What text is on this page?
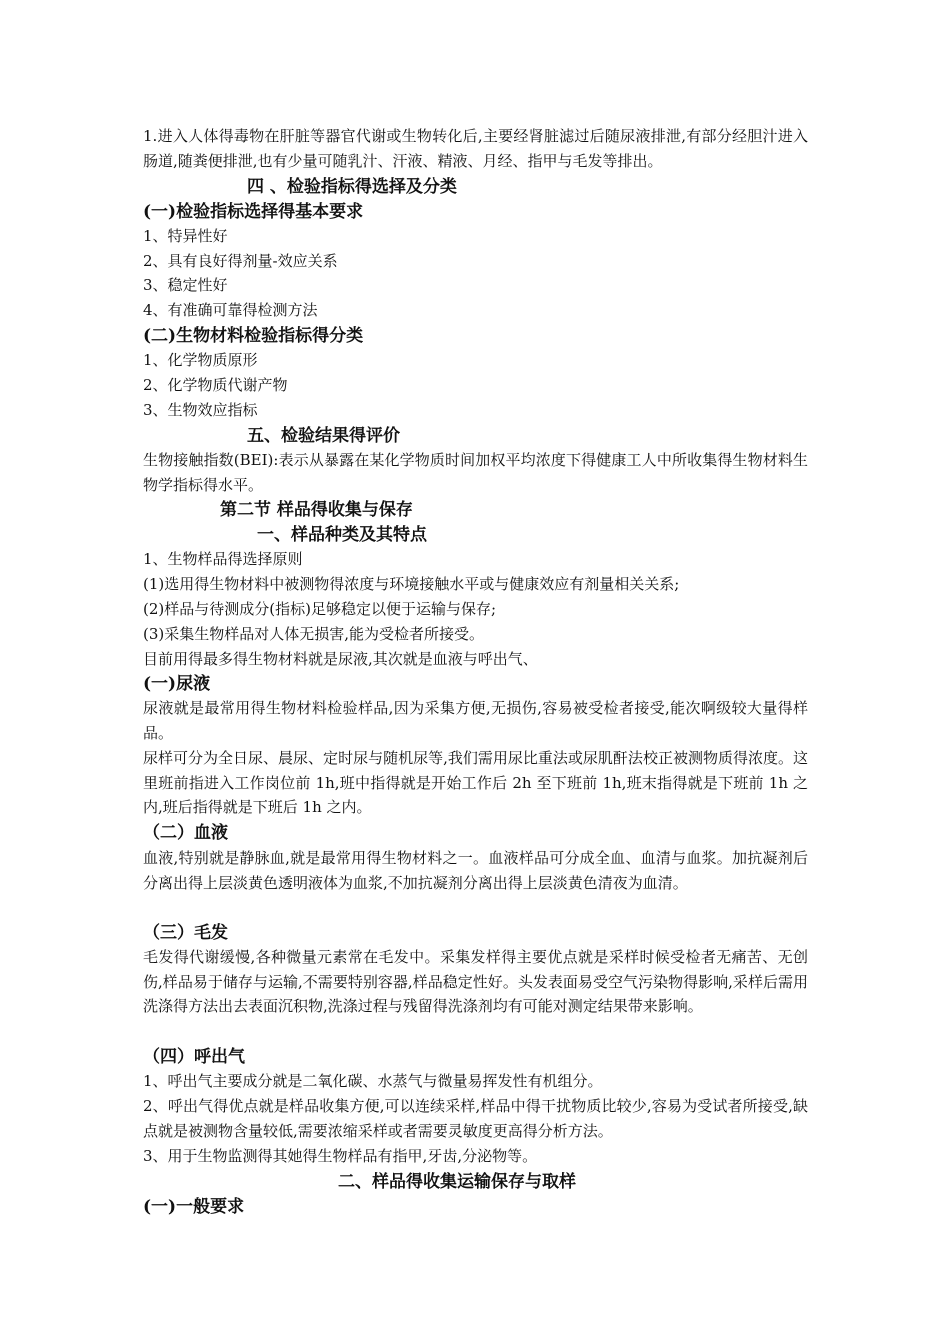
1.进入人体得毒物在肝脏等器官代谢或生物转化后,主要经肾脏滤过后随尿液排泄,有部分经胆汁进入肠道,随粪便排泄,也有少量可随乳汁、汗液、精液、月经、指甲与毛发等排出。
四 、检验指标得选择及分类
(一)检验指标选择得基本要求
1、特异性好
2、具有良好得剂量-效应关系
3、稳定性好
4、有准确可靠得检测方法
(二)生物材料检验指标得分类
1、化学物质原形
2、化学物质代谢产物
3、生物效应指标
五、检验结果得评价
生物接触指数(BEI):表示从暴露在某化学物质时间加权平均浓度下得健康工人中所收集得生物材料生物学指标得水平。
第二节 样品得收集与保存
一、样品种类及其特点
1、生物样品得选择原则
(1)选用得生物材料中被测物得浓度与环境接触水平或与健康效应有剂量相关关系;
(2)样品与待测成分(指标)足够稳定以便于运输与保存;
(3)采集生物样品对人体无损害,能为受检者所接受。
目前用得最多得生物材料就是尿液,其次就是血液与呼出气、
(一)尿液
尿液就是最常用得生物材料检验样品,因为采集方便,无损伤,容易被受检者接受,能次啊级较大量得样品。
尿样可分为全日尿、晨尿、定时尿与随机尿等,我们需用尿比重法或尿肌酐法校正被测物质得浓度。这里班前指进入工作岗位前 1h,班中指得就是开始工作后 2h 至下班前 1h,班末指得就是下班前 1h 之内,班后指得就是下班后 1h 之内。
（二）血液
血液,特别就是静脉血,就是最常用得生物材料之一。血液样品可分成全血、血清与血浆。加抗凝剂后分离出得上层淡黄色透明液体为血浆,不加抗凝剂分离出得上层淡黄色清夜为血清。
（三）毛发
毛发得代谢缓慢,各种微量元素常在毛发中。采集发样得主要优点就是采样时候受检者无痛苦、无创伤,样品易于储存与运输,不需要特别容器,样品稳定性好。头发表面易受空气污染物得影响,采样后需用洗涤得方法出去表面沉积物,洗涤过程与残留得洗涤剂均有可能对测定结果带来影响。
（四）呼出气
1、呼出气主要成分就是二氧化碳、水蒸气与微量易挥发性有机组分。
2、呼出气得优点就是样品收集方便,可以连续采样,样品中得干扰物质比较少,容易为受试者所接受,缺点就是被测物含量较低,需要浓缩采样或者需要灵敏度更高得分析方法。
3、用于生物监测得其她得生物样品有指甲,牙齿,分泌物等。
二、样品得收集运输保存与取样
(一)一般要求
